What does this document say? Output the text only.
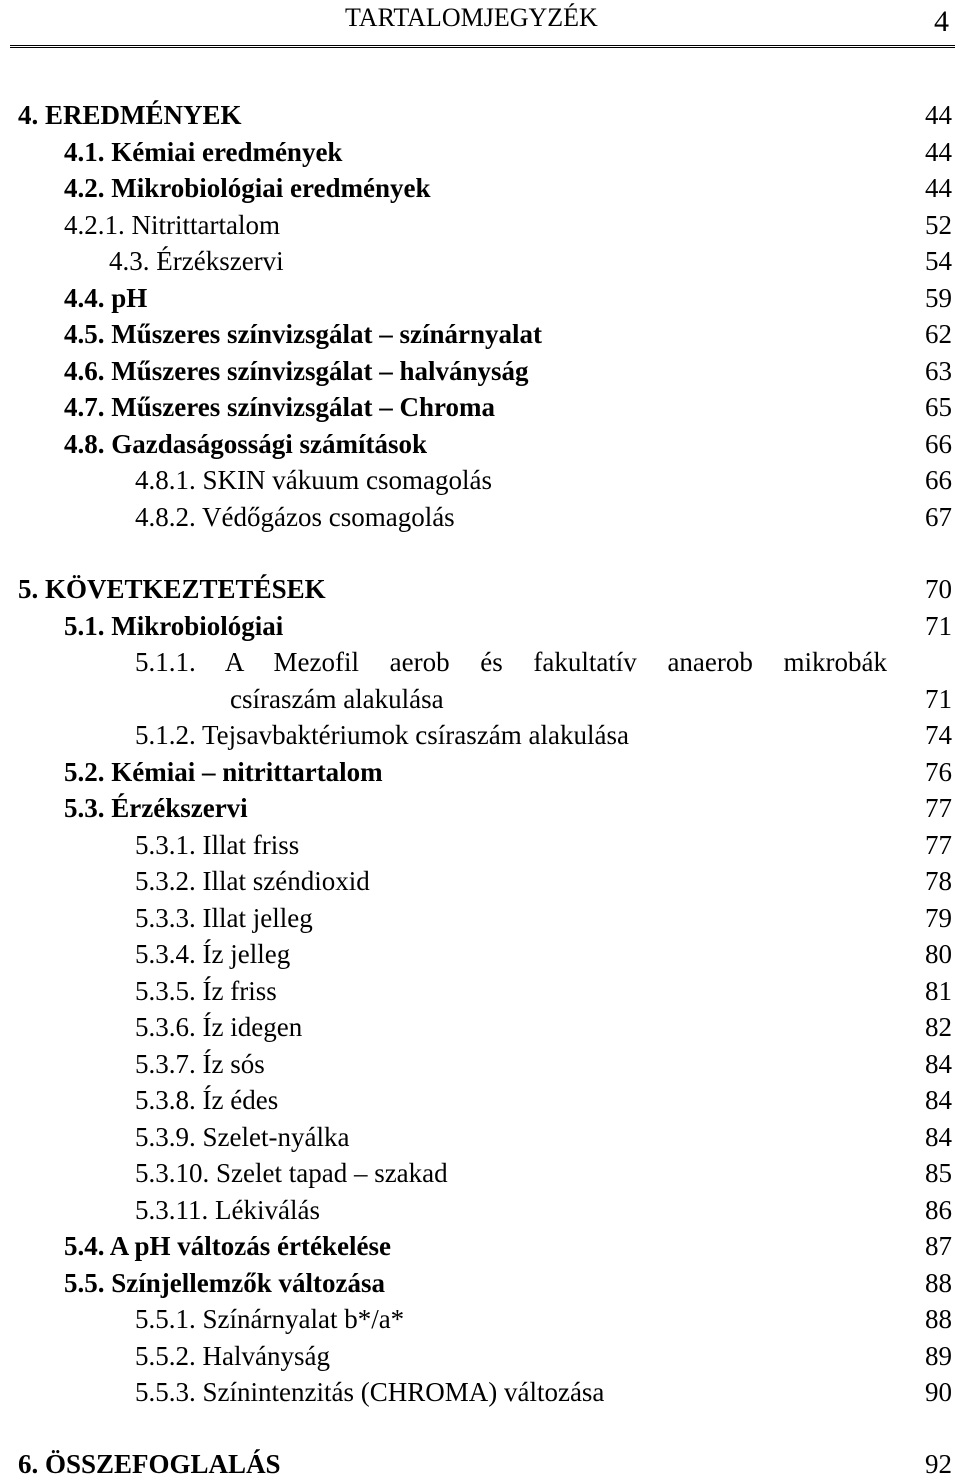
TARTALOMJEGYZÉK	4
4. EREDMÉNYEK	44
4.1. Kémiai eredmények	44
4.2. Mikrobiológiai eredmények	44
4.2.1. Nitrittartalom	52
4.3. Érzékszervi	54
4.4. pH	59
4.5. Műszeres színvizsgálat – színárnyalat	62
4.6. Műszeres színvizsgálat – halványság	63
4.7. Műszeres színvizsgálat – Chroma	65
4.8. Gazdaságossági számítások	66
4.8.1. SKIN vákuum csomagolás	66
4.8.2. Védőgázos csomagolás	67
5. KÖVETKEZTETÉSEK	70
5.1. Mikrobiológiai	71
5.1.1. A Mezofil aerob és fakultatív anaerob mikrobák
csíraszám alakulása	71
5.1.2. Tejsavbaktériumok csíraszám alakulása	74
5.2. Kémiai – nitrittartalom	76
5.3. Érzékszervi	77
5.3.1. Illat friss	77
5.3.2. Illat széndioxid	78
5.3.3. Illat jelleg	79
5.3.4. Íz jelleg	80
5.3.5. Íz friss	81
5.3.6. Íz idegen	82
5.3.7. Íz sós	84
5.3.8. Íz édes	84
5.3.9. Szelet-nyálka	84
5.3.10. Szelet tapad – szakad	85
5.3.11. Lékiválás	86
5.4. A pH változás értékelése	87
5.5. Színjellemzők változása	88
5.5.1. Színárnyalat b*/a*	88
5.5.2. Halványság	89
5.5.3. Színintenzitás (CHROMA) változása	90
6. ÖSSZEFOGLALÁS	92
